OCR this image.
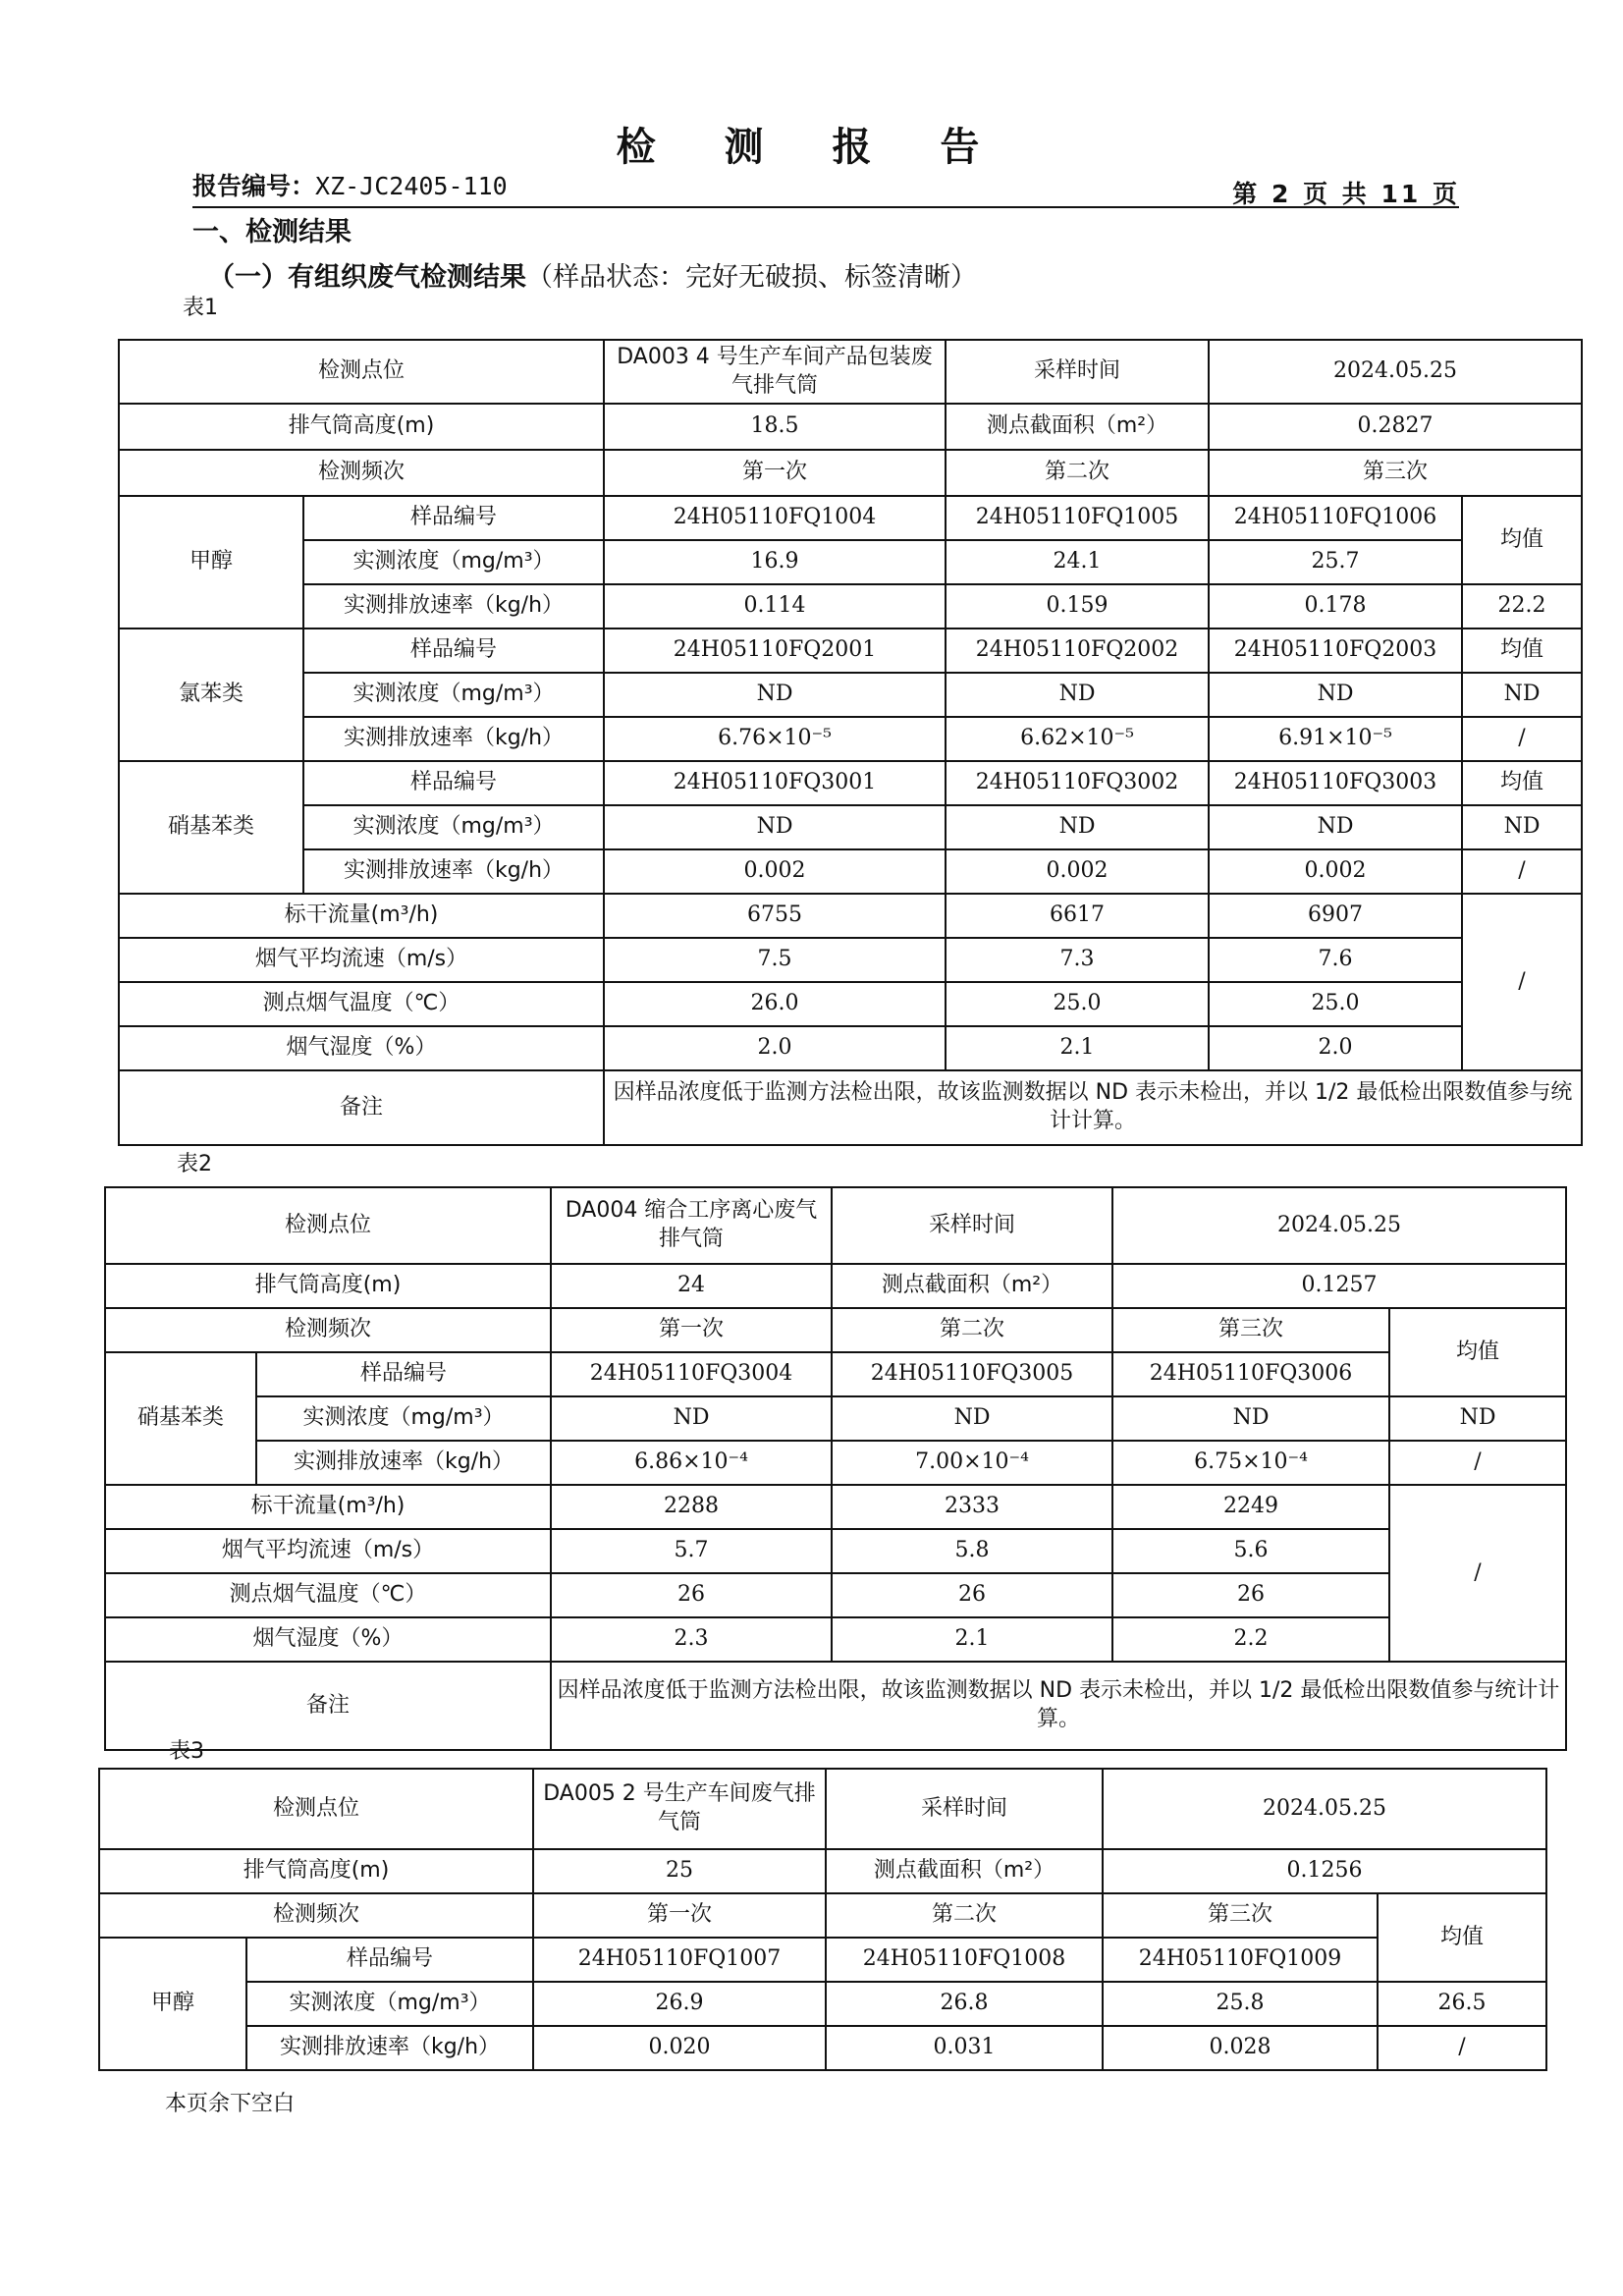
检 测 报 告
报告编号：XZ-JC2405-110	第 2 页 共 11 页
一、检测结果
（一）有组织废气检测结果（样品状态：完好无破损、标签清晰）
表1
检测点位		DA003 4 号生产车间产品包装废气排气筒	采样时间	2024.05.25	
排气筒高度(m)		18.5	测点截面积（m²）	0.2827	
检测频次		第一次	第二次	第三次	
甲醇	样品编号	24H05110FQ1004	24H05110FQ1005	24H05110FQ1006	均值
	实测浓度（mg/m³）	16.9	24.1	25.7	
	实测排放速率（kg/h）	0.114	0.159	0.178	22.2
氯苯类	样品编号	24H05110FQ2001	24H05110FQ2002	24H05110FQ2003	均值
	实测浓度（mg/m³）	ND	ND	ND	ND
	实测排放速率（kg/h）	6.76×10⁻⁵	6.62×10⁻⁵	6.91×10⁻⁵	/
硝基苯类	样品编号	24H05110FQ3001	24H05110FQ3002	24H05110FQ3003	均值
	实测浓度（mg/m³）	ND	ND	ND	ND
	实测排放速率（kg/h）	0.002	0.002	0.002	/
标干流量(m³/h)		6755	6617	6907	/
烟气平均流速（m/s）		7.5	7.3	7.6	
测点烟气温度（℃）		26.0	25.0	25.0	
烟气湿度（%）		2.0	2.1	2.0	
备注		因样品浓度低于监测方法检出限，故该监测数据以 ND 表示未检出，并以 1/2 最低检出限数值参与统计计算。			
表2
检测点位		DA004 缩合工序离心废气排气筒	采样时间	2024.05.25	
排气筒高度(m)		24	测点截面积（m²）	0.1257	
检测频次		第一次	第二次	第三次	均值
硝基苯类	样品编号	24H05110FQ3004	24H05110FQ3005	24H05110FQ3006	
	实测浓度（mg/m³）	ND	ND	ND	ND
	实测排放速率（kg/h）	6.86×10⁻⁴	7.00×10⁻⁴	6.75×10⁻⁴	/
标干流量(m³/h)		2288	2333	2249	/
烟气平均流速（m/s）		5.7	5.8	5.6	
测点烟气温度（℃）		26	26	26	
烟气湿度（%）		2.3	2.1	2.2	
备注		因样品浓度低于监测方法检出限，故该监测数据以 ND 表示未检出，并以 1/2 最低检出限数值参与统计计算。			
表3
检测点位		DA005 2 号生产车间废气排气筒	采样时间	2024.05.25	
排气筒高度(m)		25	测点截面积（m²）	0.1256	
检测频次		第一次	第二次	第三次	均值
甲醇	样品编号	24H05110FQ1007	24H05110FQ1008	24H05110FQ1009	
	实测浓度（mg/m³）	26.9	26.8	25.8	26.5
	实测排放速率（kg/h）	0.020	0.031	0.028	/
本页余下空白
